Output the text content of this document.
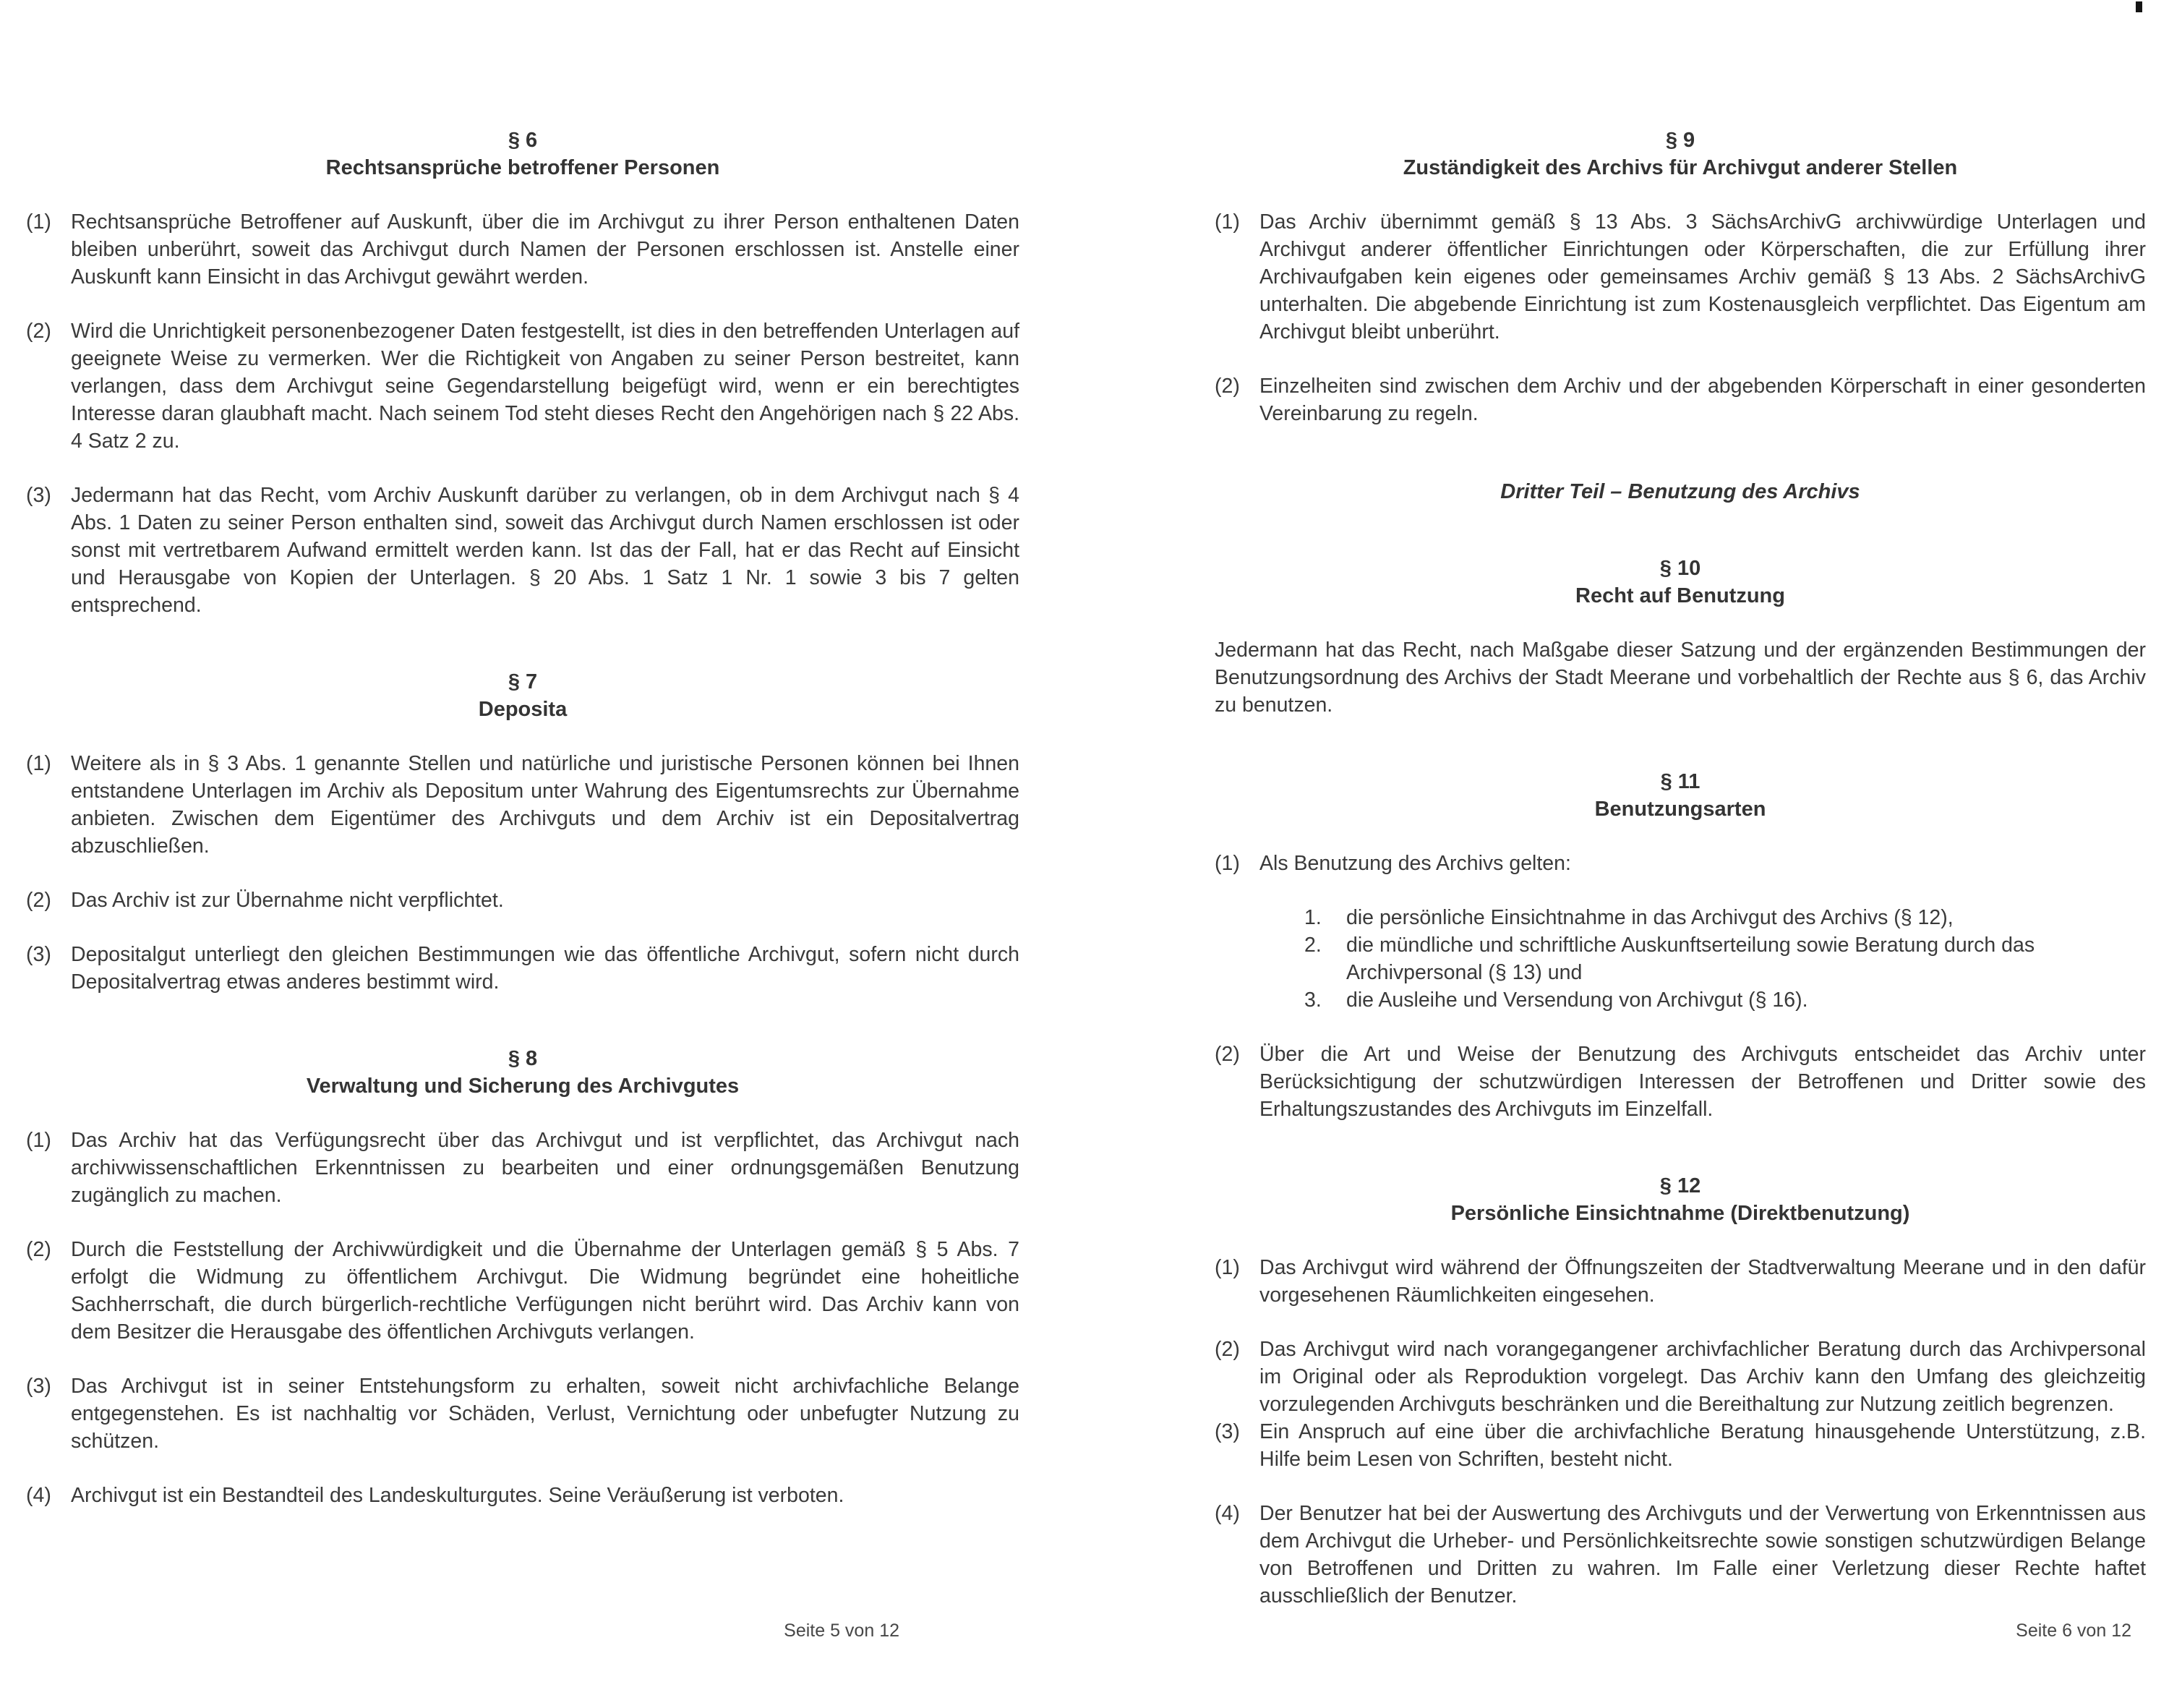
§ 6
Rechtsansprüche betroffener Personen
(1) Rechtsansprüche Betroffener auf Auskunft, über die im Archivgut zu ihrer Person enthaltenen Daten bleiben unberührt, soweit das Archivgut durch Namen der Personen erschlossen ist. Anstelle einer Auskunft kann Einsicht in das Archivgut gewährt werden.
(2) Wird die Unrichtigkeit personenbezogener Daten festgestellt, ist dies in den betreffenden Unterlagen auf geeignete Weise zu vermerken. Wer die Richtigkeit von Angaben zu seiner Person bestreitet, kann verlangen, dass dem Archivgut seine Gegendarstellung beigefügt wird, wenn er ein berechtigtes Interesse daran glaubhaft macht. Nach seinem Tod steht dieses Recht den Angehörigen nach § 22 Abs. 4 Satz 2 zu.
(3) Jedermann hat das Recht, vom Archiv Auskunft darüber zu verlangen, ob in dem Archivgut nach § 4 Abs. 1 Daten zu seiner Person enthalten sind, soweit das Archivgut durch Namen erschlossen ist oder sonst mit vertretbarem Aufwand ermittelt werden kann. Ist das der Fall, hat er das Recht auf Einsicht und Herausgabe von Kopien der Unterlagen. § 20 Abs. 1 Satz 1 Nr. 1 sowie 3 bis 7 gelten entsprechend.
§ 7
Deposita
(1) Weitere als in § 3 Abs. 1 genannte Stellen und natürliche und juristische Personen können bei Ihnen entstandene Unterlagen im Archiv als Depositum unter Wahrung des Eigentumsrechts zur Übernahme anbieten. Zwischen dem Eigentümer des Archivguts und dem Archiv ist ein Depositalvertrag abzuschließen.
(2) Das Archiv ist zur Übernahme nicht verpflichtet.
(3) Depositalgut unterliegt den gleichen Bestimmungen wie das öffentliche Archivgut, sofern nicht durch Depositalvertrag etwas anderes bestimmt wird.
§ 8
Verwaltung und Sicherung des Archivgutes
(1) Das Archiv hat das Verfügungsrecht über das Archivgut und ist verpflichtet, das Archivgut nach archivwissenschaftlichen Erkenntnissen zu bearbeiten und einer ordnungsgemäßen Benutzung zugänglich zu machen.
(2) Durch die Feststellung der Archivwürdigkeit und die Übernahme der Unterlagen gemäß § 5 Abs. 7 erfolgt die Widmung zu öffentlichem Archivgut. Die Widmung begründet eine hoheitliche Sachherrschaft, die durch bürgerlich-rechtliche Verfügungen nicht berührt wird. Das Archiv kann von dem Besitzer die Herausgabe des öffentlichen Archivguts verlangen.
(3) Das Archivgut ist in seiner Entstehungsform zu erhalten, soweit nicht archivfachliche Belange entgegenstehen. Es ist nachhaltig vor Schäden, Verlust, Vernichtung oder unbefugter Nutzung zu schützen.
(4) Archivgut ist ein Bestandteil des Landeskulturgutes. Seine Veräußerung ist verboten.
Seite 5 von 12
§ 9
Zuständigkeit des Archivs für Archivgut anderer Stellen
(1) Das Archiv übernimmt gemäß § 13 Abs. 3 SächsArchivG archivwürdige Unterlagen und Archivgut anderer öffentlicher Einrichtungen oder Körperschaften, die zur Erfüllung ihrer Archivaufgaben kein eigenes oder gemeinsames Archiv gemäß § 13 Abs. 2 SächsArchivG unterhalten. Die abgebende Einrichtung ist zum Kostenausgleich verpflichtet. Das Eigentum am Archivgut bleibt unberührt.
(2) Einzelheiten sind zwischen dem Archiv und der abgebenden Körperschaft in einer gesonderten Vereinbarung zu regeln.
Dritter Teil – Benutzung des Archivs
§ 10
Recht auf Benutzung
Jedermann hat das Recht, nach Maßgabe dieser Satzung und der ergänzenden Bestimmungen der Benutzungsordnung des Archivs der Stadt Meerane und vorbehaltlich der Rechte aus § 6, das Archiv zu benutzen.
§ 11
Benutzungsarten
(1) Als Benutzung des Archivs gelten:
1.	die persönliche Einsichtnahme in das Archivgut des Archivs (§ 12),
2.	die mündliche und schriftliche Auskunftserteilung sowie Beratung durch das Archivpersonal (§ 13) und
3.	die Ausleihe und Versendung von Archivgut (§ 16).
(2) Über die Art und Weise der Benutzung des Archivguts entscheidet das Archiv unter Berücksichtigung der schutzwürdigen Interessen der Betroffenen und Dritter sowie des Erhaltungszustandes des Archivguts im Einzelfall.
§ 12
Persönliche Einsichtnahme (Direktbenutzung)
(1) Das Archivgut wird während der Öffnungszeiten der Stadtverwaltung Meerane und in den dafür vorgesehenen Räumlichkeiten eingesehen.
(2) Das Archivgut wird nach vorangegangener archivfachlicher Beratung durch das Archivpersonal im Original oder als Reproduktion vorgelegt. Das Archiv kann den Umfang des gleichzeitig vorzulegenden Archivguts beschränken und die Bereithaltung zur Nutzung zeitlich begrenzen.
(3) Ein Anspruch auf eine über die archivfachliche Beratung hinausgehende Unterstützung, z.B. Hilfe beim Lesen von Schriften, besteht nicht.
(4) Der Benutzer hat bei der Auswertung des Archivguts und der Verwertung von Erkenntnissen aus dem Archivgut die Urheber- und Persönlichkeitsrechte sowie sonstigen schutzwürdigen Belange von Betroffenen und Dritten zu wahren. Im Falle einer Verletzung dieser Rechte haftet ausschließlich der Benutzer.
Seite 6 von 12
